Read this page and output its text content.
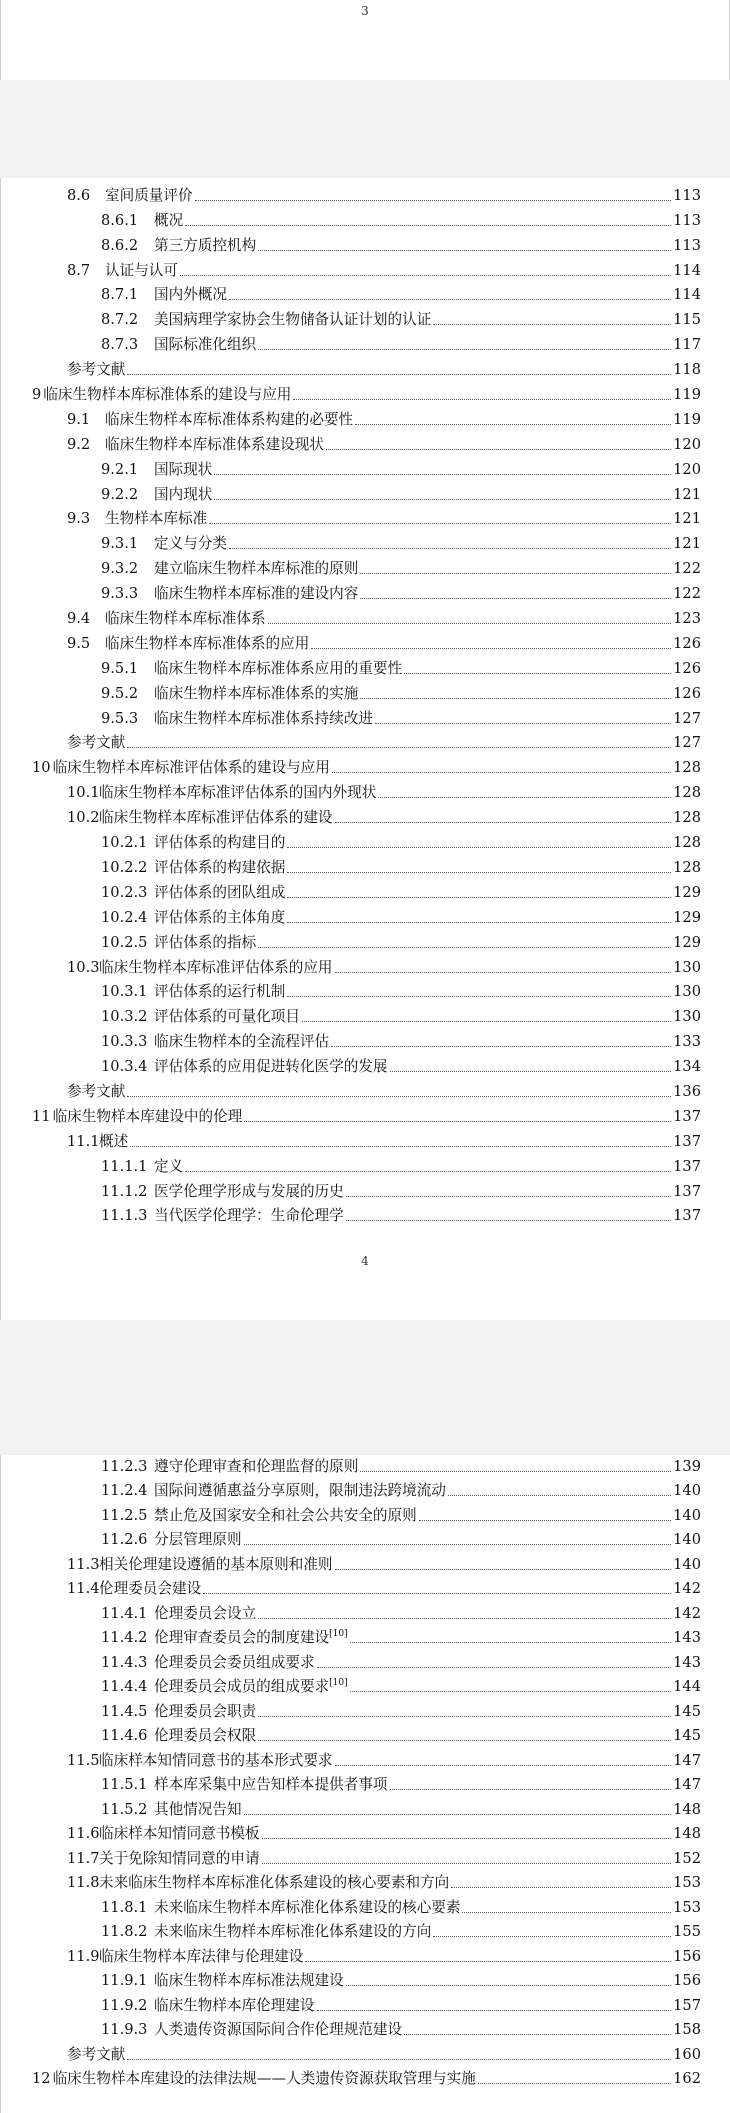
3
4
8.6	室间质量评价	113
8.6.1	概况	113
8.6.2	第三方质控机构	113
8.7	认证与认可	114
8.7.1	国内外概况	114
8.7.2	美国病理学家协会生物储备认证计划的认证	115
8.7.3	国际标准化组织	117
参考文献	118
9 临床生物样本库标准体系的建设与应用	119
9.1	临床生物样本库标准体系构建的必要性	119
9.2	临床生物样本库标准体系建设现状	120
9.2.1	国际现状	120
9.2.2	国内现状	121
9.3	生物样本库标准	121
9.3.1	定义与分类	121
9.3.2	建立临床生物样本库标准的原则	122
9.3.3	临床生物样本库标准的建设内容	122
9.4	临床生物样本库标准体系	123
9.5	临床生物样本库标准体系的应用	126
9.5.1	临床生物样本库标准体系应用的重要性	126
9.5.2	临床生物样本库标准体系的实施	126
9.5.3	临床生物样本库标准体系持续改进	127
参考文献	127
10 临床生物样本库标准评估体系的建设与应用	128
10.1 临床生物样本库标准评估体系的国内外现状	128
10.2 临床生物样本库标准评估体系的建设	128
10.2.1 评估体系的构建目的	128
10.2.2 评估体系的构建依据	128
10.2.3 评估体系的团队组成	129
10.2.4 评估体系的主体角度	129
10.2.5 评估体系的指标	129
10.3 临床生物样本库标准评估体系的应用	130
10.3.1 评估体系的运行机制	130
10.3.2 评估体系的可量化项目	130
10.3.3 临床生物样本的全流程评估	133
10.3.4 评估体系的应用促进转化医学的发展	134
参考文献	136
11 临床生物样本库建设中的伦理	137
11.1 概述	137
11.1.1 定义	137
11.1.2 医学伦理学形成与发展的历史	137
11.1.3 当代医学伦理学：生命伦理学	137
11.2.3 遵守伦理审查和伦理监督的原则	139
11.2.4 国际间遵循惠益分享原则，限制违法跨境流动	140
11.2.5 禁止危及国家安全和社会公共安全的原则	140
11.2.6 分层管理原则	140
11.3 相关伦理建设遵循的基本原则和准则	140
11.4 伦理委员会建设	142
11.4.1 伦理委员会设立	142
11.4.2 伦理审查委员会的制度建设[10]	143
11.4.3 伦理委员会委员组成要求	143
11.4.4 伦理委员会成员的组成要求[10]	144
11.4.5 伦理委员会职责	145
11.4.6 伦理委员会权限	145
11.5 临床样本知情同意书的基本形式要求	147
11.5.1 样本库采集中应告知样本提供者事项	147
11.5.2 其他情况告知	148
11.6 临床样本知情同意书模板	148
11.7 关于免除知情同意的申请	152
11.8 未来临床生物样本库标准化体系建设的核心要素和方向	153
11.8.1 未来临床生物样本库标准化体系建设的核心要素	153
11.8.2 未来临床生物样本库标准化体系建设的方向	155
11.9 临床生物样本库法律与伦理建设	156
11.9.1 临床生物样本库标准法规建设	156
11.9.2 临床生物样本库伦理建设	157
11.9.3 人类遗传资源国际间合作伦理规范建设	158
参考文献	160
12 临床生物样本库建设的法律法规——人类遗传资源获取管理与实施	162
